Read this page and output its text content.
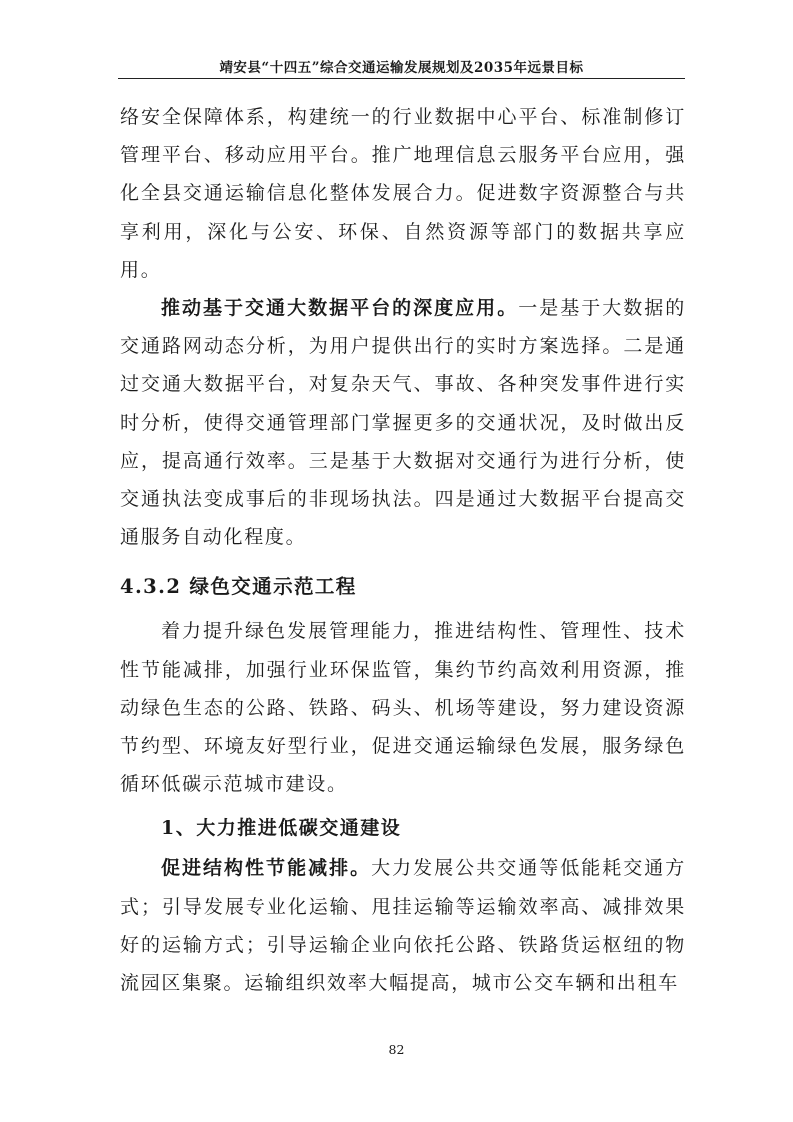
靖安县“十四五”综合交通运输发展规划及2035年远景目标

络安全保障体系，构建统一的行业数据中心平台、标准制修订管理平台、移动应用平台。推广地理信息云服务平台应用，强化全县交通运输信息化整体发展合力。促进数字资源整合与共享利用，深化与公安、环保、自然资源等部门的数据共享应用。

推动基于交通大数据平台的深度应用。一是基于大数据的交通路网动态分析，为用户提供出行的实时方案选择。二是通过交通大数据平台，对复杂天气、事故、各种突发事件进行实时分析，使得交通管理部门掌握更多的交通状况，及时做出反应，提高通行效率。三是基于大数据对交通行为进行分析，使交通执法变成事后的非现场执法。四是通过大数据平台提高交通服务自动化程度。

4.3.2 绿色交通示范工程

着力提升绿色发展管理能力，推进结构性、管理性、技术性节能减排，加强行业环保监管，集约节约高效利用资源，推动绿色生态的公路、铁路、码头、机场等建设，努力建设资源节约型、环境友好型行业，促进交通运输绿色发展，服务绿色循环低碳示范城市建设。

1、大力推进低碳交通建设

促进结构性节能减排。大力发展公共交通等低能耗交通方式；引导发展专业化运输、甩挂运输等运输效率高、减排效果好的运输方式；引导运输企业向依托公路、铁路货运枢纽的物流园区集聚。运输组织效率大幅提高，城市公交车辆和出租车

82
